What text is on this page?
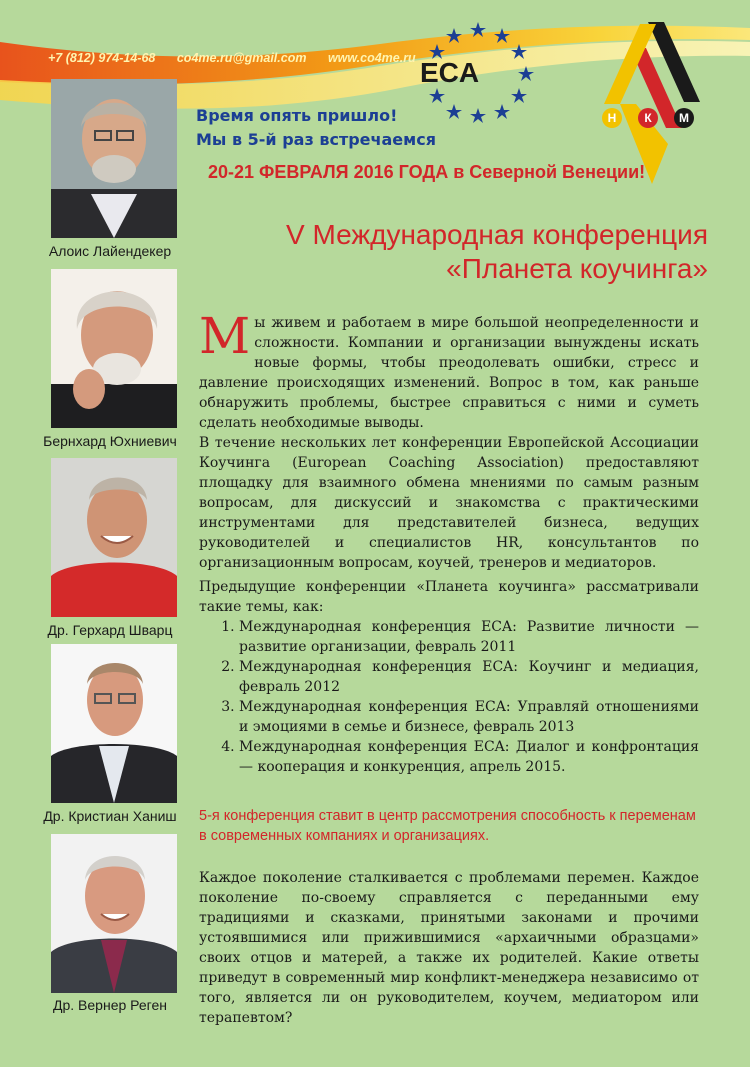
+7 (812) 974-14-68 co4me.ru@gmail.com www.co4me.ru ECA
Н К М
Время опять пришло!
Мы в 5-й раз встречаемся
20-21 ФЕВРАЛЯ 2016 ГОДА в Северной Венеции!
V Международная конференция
«Планета коучинга»
Алоис Лайендекер
Бернхард Юхниевич
Др. Герхард Шварц
Др. Кристиан Ханиш
Др. Вернер Реген
Мы живем и работаем в мире большой неопределенности и сложности. Компании и организации вынуждены искать новые формы, чтобы преодолевать ошибки, стресс и давление происходящих изменений. Вопрос в том, как раньше обнаружить проблемы, быстрее справиться с ними и суметь сделать необходимые выводы.
В течение нескольких лет конференции Европейской Ассоциации Коучинга (European Coaching Association) предоставляют площадку для взаимного обмена мнениями по самым разным вопросам, для дискуссий и знакомства с практическими инструментами для представителей бизнеса, ведущих руководителей и специалистов HR, консультантов по организационным вопросам, коучей, тренеров и медиаторов.
Предыдущие конференции «Планета коучинга» рассматривали такие темы, как:
1. Международная конференция ECA: Развитие личности — развитие организации, февраль 2011
2. Международная конференция ECA: Коучинг и медиация, февраль 2012
3. Международная конференция ECA: Управляй отношениями и эмоциями в семье и бизнесе, февраль 2013
4. Международная конференция ECA: Диалог и конфронтация — кооперация и конкуренция, апрель 2015.
5-я конференция ставит в центр рассмотрения способность к переменам в современных компаниях и организациях.
Каждое поколение сталкивается с проблемами перемен. Каждое поколение по-своему справляется с переданными ему традициями и сказками, принятыми законами и прочими устоявшимися или прижившимися «архаичными образцами» своих отцов и матерей, а также их родителей. Какие ответы приведут в современный мир конфликт-менеджера независимо от того, является ли он руководителем, коучем, медиатором или терапевтом?
